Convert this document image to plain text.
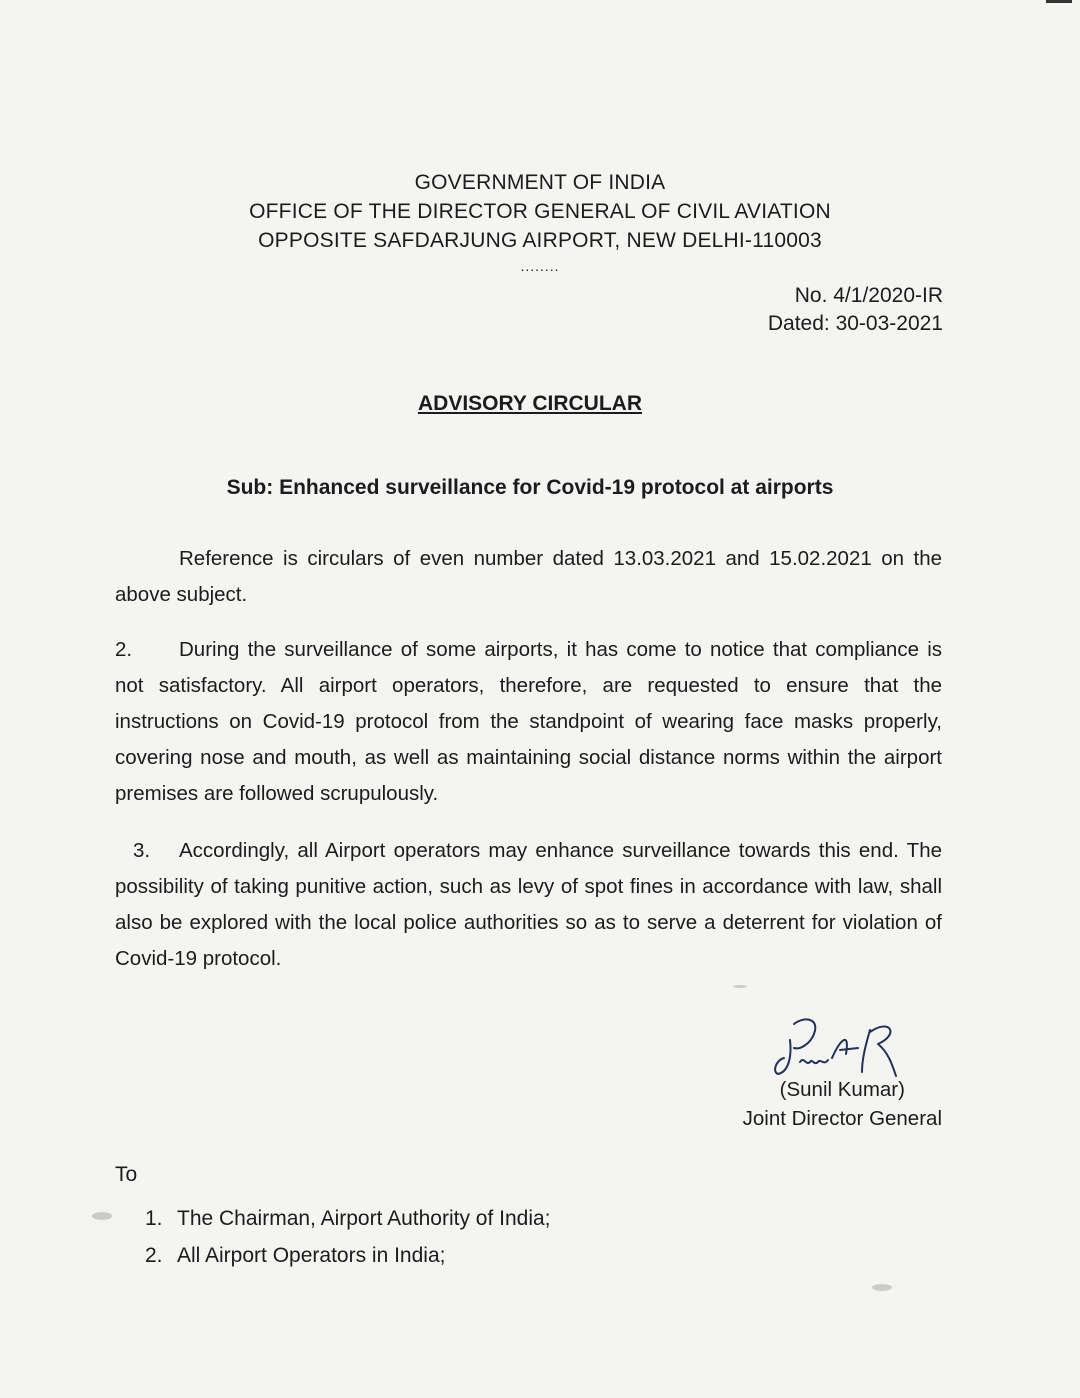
GOVERNMENT OF INDIA
OFFICE OF THE DIRECTOR GENERAL OF CIVIL AVIATION
OPPOSITE SAFDARJUNG AIRPORT, NEW DELHI-110003
........
No. 4/1/2020-IR
Dated: 30-03-2021
ADVISORY CIRCULAR
Sub: Enhanced surveillance for Covid-19 protocol at airports
Reference is circulars of even number dated 13.03.2021 and 15.02.2021 on the above subject.
2. During the surveillance of some airports, it has come to notice that compliance is not satisfactory. All airport operators, therefore, are requested to ensure that the instructions on Covid-19 protocol from the standpoint of wearing face masks properly, covering nose and mouth, as well as maintaining social distance norms within the airport premises are followed scrupulously.
3. Accordingly, all Airport operators may enhance surveillance towards this end. The possibility of taking punitive action, such as levy of spot fines in accordance with law, shall also be explored with the local police authorities so as to serve a deterrent for violation of Covid-19 protocol.
(Sunil Kumar)
Joint Director General
To
1. The Chairman, Airport Authority of India;
2. All Airport Operators in India;
